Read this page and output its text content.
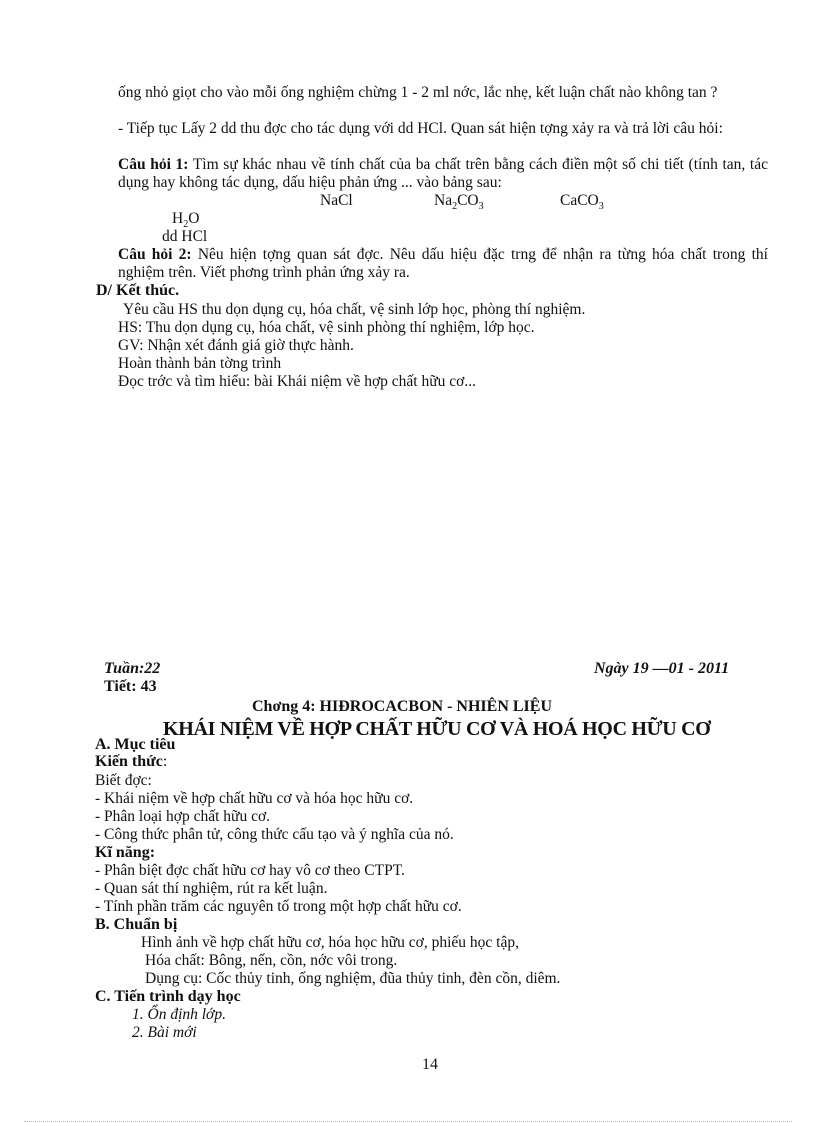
ống nhỏ giọt cho vào mỗi ống nghiệm chừng 1 - 2 ml nớc, lắc nhẹ, kết luận chất nào không tan ?
- Tiếp tục Lấy 2 dd thu đợc cho tác dụng với dd HCl. Quan sát hiện tợng xảy ra và trả lời câu hỏi:
Câu hỏi 1: Tìm sự khác nhau về tính chất của ba chất trên bằng cách điền một số chi tiết (tính tan, tác dụng hay không tác dụng, dấu hiệu phản ứng ... vào bảng sau:
NaCl	$Na_2CO_3$	CaCO$_3$
$H_2O$
dd HCl
Câu hỏi 2: Nêu hiện tợng quan sát đợc. Nêu dấu hiệu đặc trng để nhận ra từng hóa chất trong thí nghiệm trên. Viết phơng trình phản ứng xảy ra.
D/ Kết thúc.
Yêu cầu HS thu dọn dụng cụ, hóa chất, vệ sinh lớp học, phòng thí nghiệm.
HS: Thu dọn dụng cụ, hóa chất, vệ sinh phòng thí nghiệm, lớp học.
GV: Nhận xét đánh giá giờ thực hành.
Hoàn thành bản tờng trình
Đọc trớc và tìm hiểu: bài Khái niệm về hợp chất hữu cơ...
Tuần:22	Ngày 19 —01 - 2011
Tiết: 43
Chơng 4: HIĐROCACBON - NHIÊN LIỆU
KHÁI NIỆM VỀ HỢP CHẤT HỮU CƠ VÀ HOÁ HỌC HỮU CƠ
A. Mục tiêu
Kiến thức:
Biết đợc:
- Khái niệm về hợp chất hữu cơ và hóa học hữu cơ.
- Phân loại hợp chất hữu cơ.
- Công thức phân tử, công thức cấu tạo và ý nghĩa của nó.
Kĩ năng:
- Phân biệt đợc chất hữu cơ hay vô cơ theo CTPT.
- Quan sát thí nghiệm, rút ra kết luận.
- Tính phần trăm các nguyên tố trong một hợp chất hữu cơ.
B. Chuẩn bị
Hình ảnh về hợp chất hữu cơ, hóa học hữu cơ, phiếu học tập,
Hóa chất: Bông, nến, cồn, nớc vôi trong.
Dụng cụ: Cốc thủy tinh, ống nghiệm, đũa thủy tinh, đèn cồn, diêm.
C. Tiến trình dạy học
1. Ổn định lớp.
2. Bài mới
14
